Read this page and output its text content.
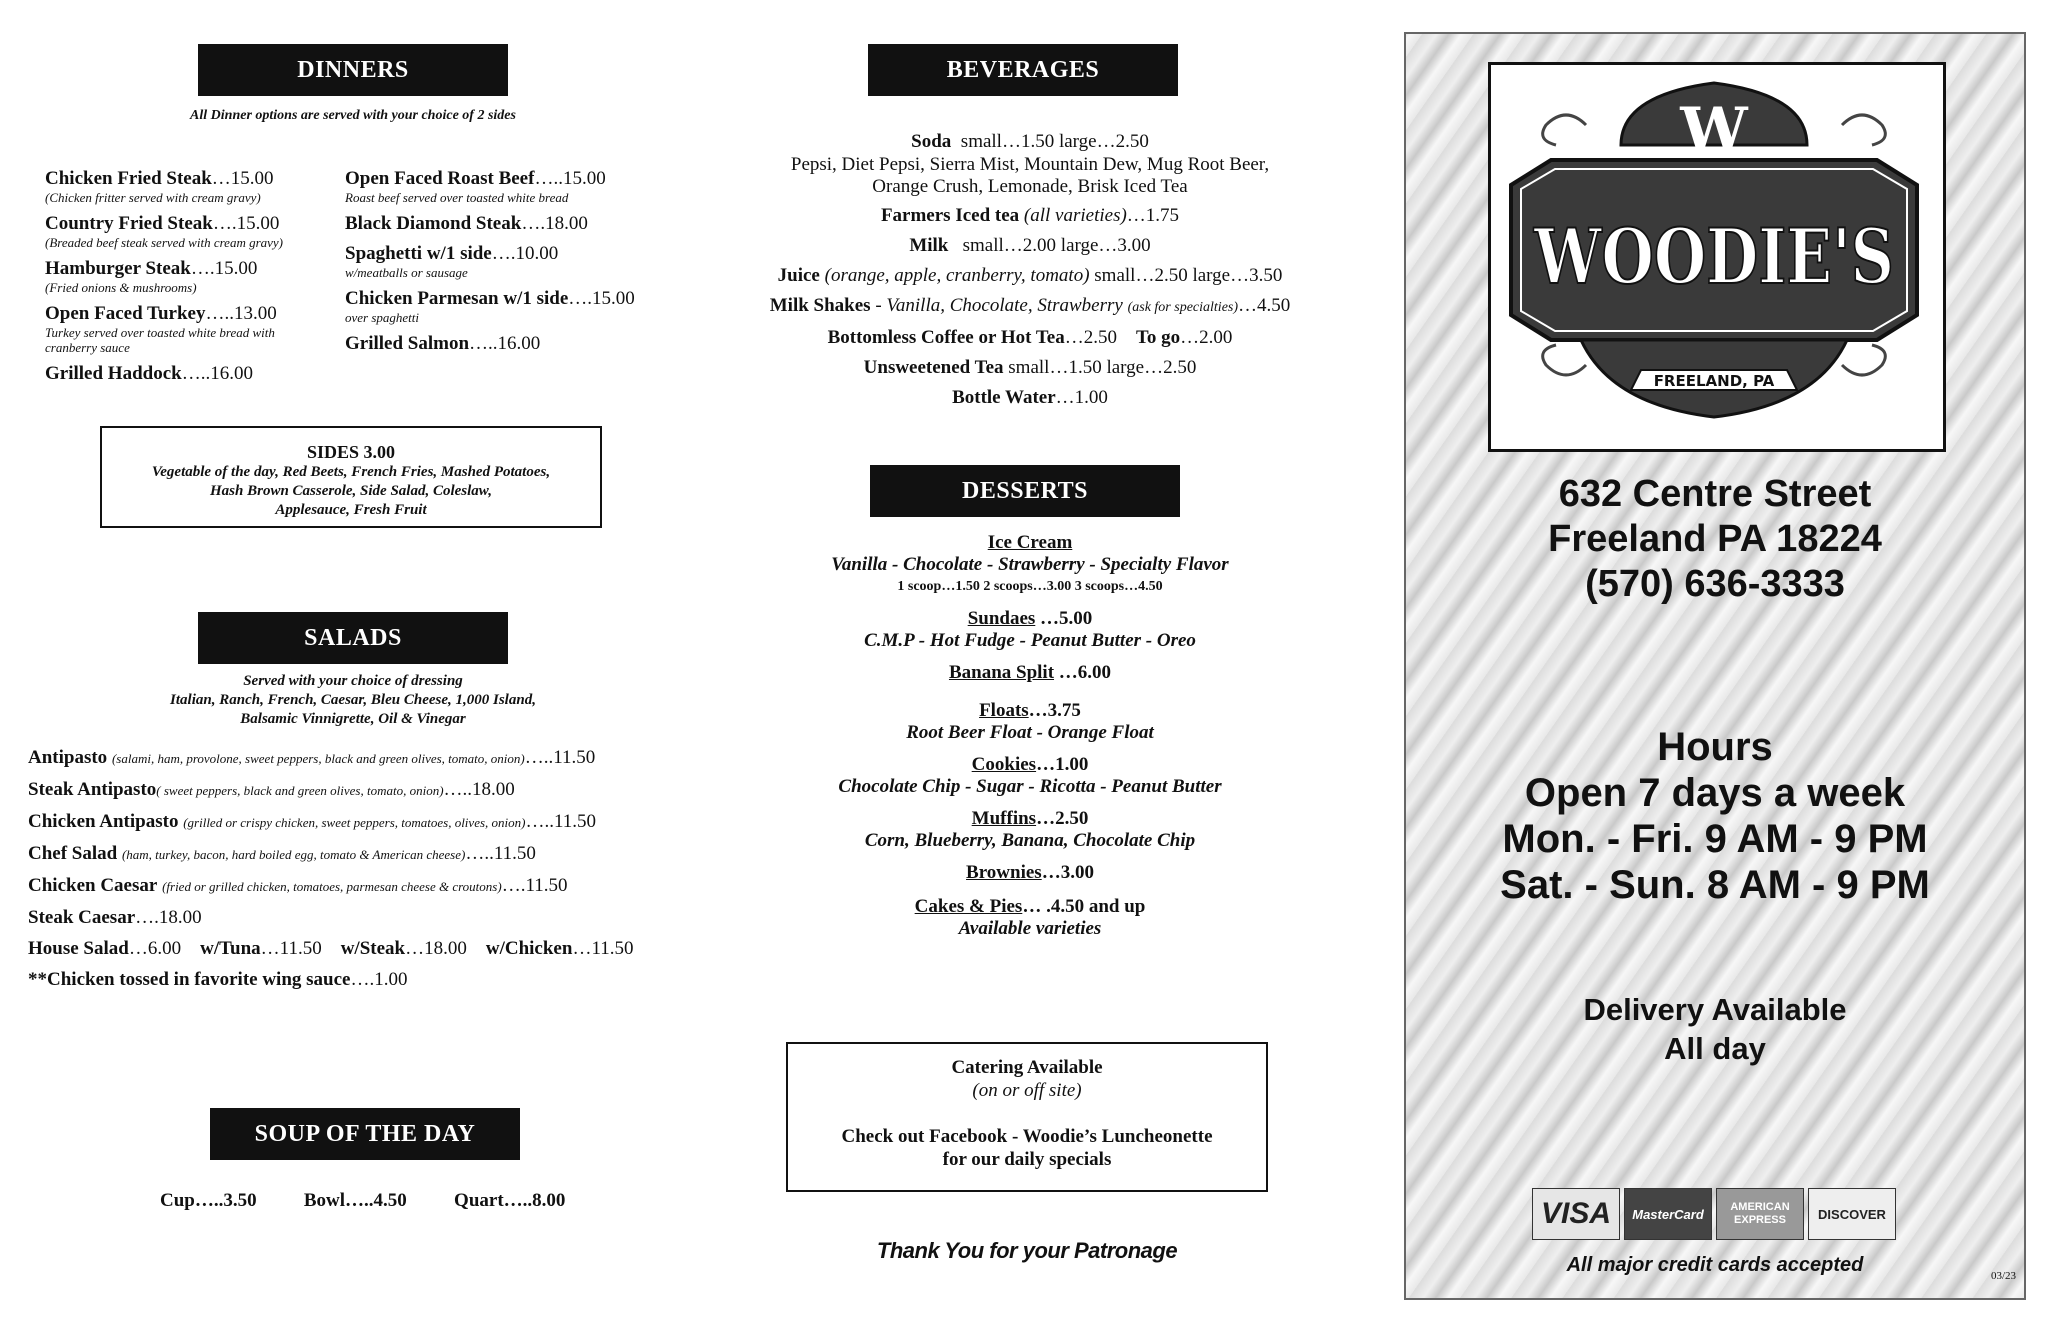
DINNERS
All Dinner options are served with your choice of 2 sides
Chicken Fried Steak…15.00
(Chicken fritter served with cream gravy)
Country Fried Steak….15.00
(Breaded beef steak served with cream gravy)
Hamburger Steak….15.00
(Fried onions & mushrooms)
Open Faced Turkey…..13.00
Turkey served over toasted white bread with cranberry sauce
Grilled Haddock…..16.00
Open Faced Roast Beef…..15.00
Roast beef served over toasted white bread
Black Diamond Steak….18.00
Spaghetti w/1 side….10.00
w/meatballs or sausage
Chicken Parmesan w/1 side….15.00
over spaghetti
Grilled Salmon…..16.00
SIDES 3.00
Vegetable of the day, Red Beets, French Fries, Mashed Potatoes,
Hash Brown Casserole, Side Salad, Coleslaw,
Applesauce, Fresh Fruit
SALADS
Served with your choice of dressing
Italian, Ranch, French, Caesar, Bleu Cheese, 1,000 Island,
Balsamic Vinnigrette, Oil & Vinegar
Antipasto (salami, ham, provolone, sweet peppers, black and green olives, tomato, onion)…..11.50
Steak Antipasto( sweet peppers, black and green olives, tomato, onion)…..18.00
Chicken Antipasto (grilled or crispy chicken, sweet peppers, tomatoes, olives, onion)…..11.50
Chef Salad (ham, turkey, bacon, hard boiled egg, tomato & American cheese)…..11.50
Chicken Caesar (fried or grilled chicken, tomatoes, parmesan cheese & croutons)….11.50
Steak Caesar….18.00
House Salad…6.00 w/Tuna…11.50 w/Steak…18.00 w/Chicken…11.50
**Chicken tossed in favorite wing sauce….1.00
SOUP OF THE DAY
Cup…..3.50 Bowl…..4.50 Quart…..8.00
BEVERAGES
Soda small…1.50 large…2.50
Pepsi, Diet Pepsi, Sierra Mist, Mountain Dew, Mug Root Beer,
Orange Crush, Lemonade, Brisk Iced Tea
Farmers Iced tea (all varieties)…1.75
Milk small…2.00 large…3.00
Juice (orange, apple, cranberry, tomato) small…2.50 large…3.50
Milk Shakes - Vanilla, Chocolate, Strawberry (ask for specialties)…4.50
Bottomless Coffee or Hot Tea…2.50 To go…2.00
Unsweetened Tea small…1.50 large…2.50
Bottle Water…1.00
DESSERTS
Ice Cream
Vanilla - Chocolate - Strawberry - Specialty Flavor
1 scoop…1.50 2 scoops…3.00 3 scoops…4.50
Sundaes …5.00
C.M.P - Hot Fudge - Peanut Butter - Oreo
Banana Split …6.00
Floats…3.75
Root Beer Float - Orange Float
Cookies…1.00
Chocolate Chip - Sugar - Ricotta - Peanut Butter
Muffins…2.50
Corn, Blueberry, Banana, Chocolate Chip
Brownies…3.00
Cakes & Pies… .4.50 and up
Available varieties
Catering Available
(on or off site)
Check out Facebook - Woodie’s Luncheonette
for our daily specials
Thank You for your Patronage
W
WOODIE'S
FREELAND, PA
632 Centre Street
Freeland PA 18224
(570) 636-3333
Hours
Open 7 days a week
Mon. - Fri. 9 AM - 9 PM
Sat. - Sun. 8 AM - 9 PM
Delivery Available
All day
VISA	MasterCard	AMERICAN EXPRESS	DISCOVER
All major credit cards accepted	03/23
